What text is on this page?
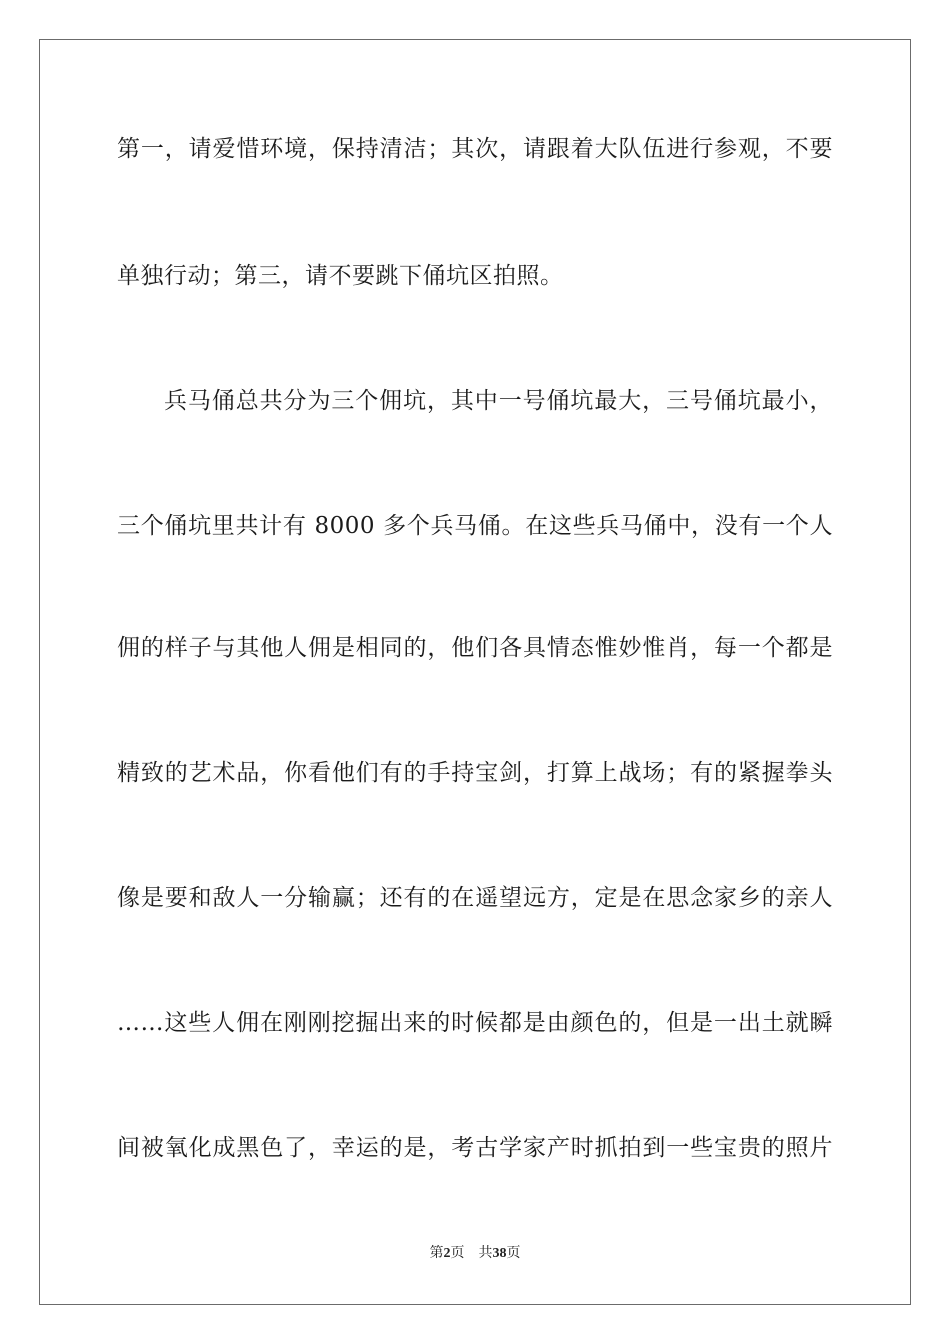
第一，请爱惜环境，保持清洁；其次，请跟着大队伍进行参观，不要
单独行动；第三，请不要跳下俑坑区拍照。
兵马俑总共分为三个佣坑，其中一号俑坑最大，三号俑坑最小，
三个俑坑里共计有 8000 多个兵马俑。在这些兵马俑中，没有一个人
佣的样子与其他人佣是相同的，他们各具情态惟妙惟肖，每一个都是
精致的艺术品，你看他们有的手持宝剑，打算上战场；有的紧握拳头
像是要和敌人一分输赢；还有的在遥望远方，定是在思念家乡的亲人
……这些人佣在刚刚挖掘出来的时候都是由颜色的，但是一出土就瞬
间被氧化成黑色了，幸运的是，考古学家产时抓拍到一些宝贵的照片
第2页 共38页
